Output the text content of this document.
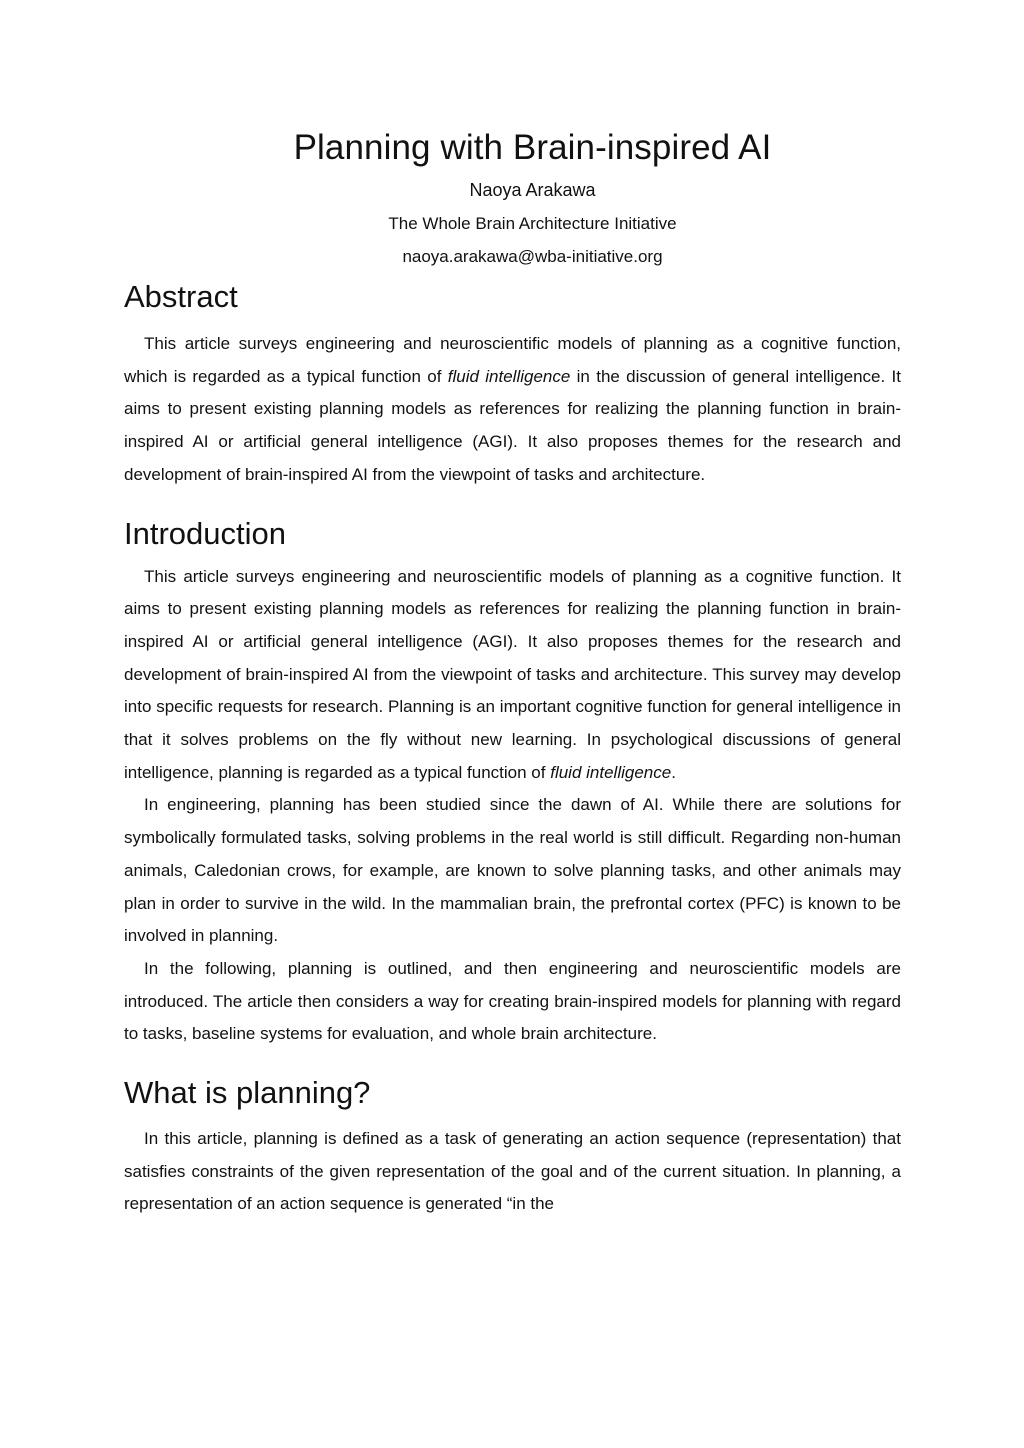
Planning with Brain-inspired AI
Naoya Arakawa
The Whole Brain Architecture Initiative
naoya.arakawa@wba-initiative.org
Abstract

This article surveys engineering and neuroscientific models of planning as a cognitive function, which is regarded as a typical function of fluid intelligence in the discussion of general intelligence. It aims to present existing planning models as references for realizing the planning function in brain-inspired AI or artificial general intelligence (AGI). It also proposes themes for the research and development of brain-inspired AI from the viewpoint of tasks and architecture.

Introduction

This article surveys engineering and neuroscientific models of planning as a cognitive function. It aims to present existing planning models as references for realizing the planning function in brain-inspired AI or artificial general intelligence (AGI). It also proposes themes for the research and development of brain-inspired AI from the viewpoint of tasks and architecture. This survey may develop into specific requests for research. Planning is an important cognitive function for general intelligence in that it solves problems on the fly without new learning. In psychological discussions of general intelligence, planning is regarded as a typical function of fluid intelligence.

In engineering, planning has been studied since the dawn of AI. While there are solutions for symbolically formulated tasks, solving problems in the real world is still difficult. Regarding non-human animals, Caledonian crows, for example, are known to solve planning tasks, and other animals may plan in order to survive in the wild. In the mammalian brain, the prefrontal cortex (PFC) is known to be involved in planning.

In the following, planning is outlined, and then engineering and neuroscientific models are introduced. The article then considers a way for creating brain-inspired models for planning with regard to tasks, baseline systems for evaluation, and whole brain architecture.

What is planning?

In this article, planning is defined as a task of generating an action sequence (representation) that satisfies constraints of the given representation of the goal and of the current situation. In planning, a representation of an action sequence is generated “in the
